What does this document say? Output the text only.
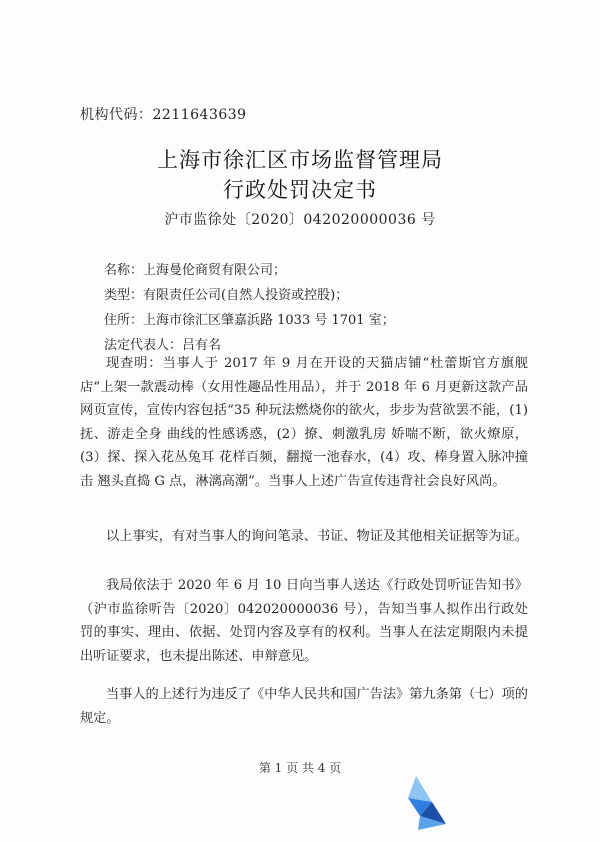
机构代码：2211643639
上海市徐汇区市场监督管理局
行政处罚决定书
沪市监徐处〔2020〕042020000036 号
名称：上海曼伦商贸有限公司；
类型：有限责任公司(自然人投资或控股)；
住所：上海市徐汇区肇嘉浜路 1033 号 1701 室；
法定代表人：吕有名
现查明：当事人于 2017 年 9 月在开设的天猫店铺“杜蕾斯官方旗舰店”上架一款震动棒（女用性趣品性用品），并于 2018 年 6 月更新这款产品网页宣传，宣传内容包括“35 种玩法燃烧你的欲火，步步为营欲罢不能，(1)抚、游走全身 曲线的性感诱惑，(2）撩、刺激乳房 娇喘不断，欲火燎原，(3）探、探入花丛兔耳 花样百频，翻搅一池春水，(4）攻、棒身置入脉冲撞击 翘头直捣 G 点，淋漓高潮”。当事人上述广告宣传违背社会良好风尚。
以上事实，有对当事人的询问笔录、书证、物证及其他相关证据等为证。
我局依法于 2020 年 6 月 10 日向当事人送达《行政处罚听证告知书》（沪市监徐听告〔2020〕042020000036 号），告知当事人拟作出行政处罚的事实、理由、依据、处罚内容及享有的权利。当事人在法定期限内未提出听证要求，也未提出陈述、申辩意见。
当事人的上述行为违反了《中华人民共和国广告法》第九条第（七）项的规定。
第 1 页 共 4 页
